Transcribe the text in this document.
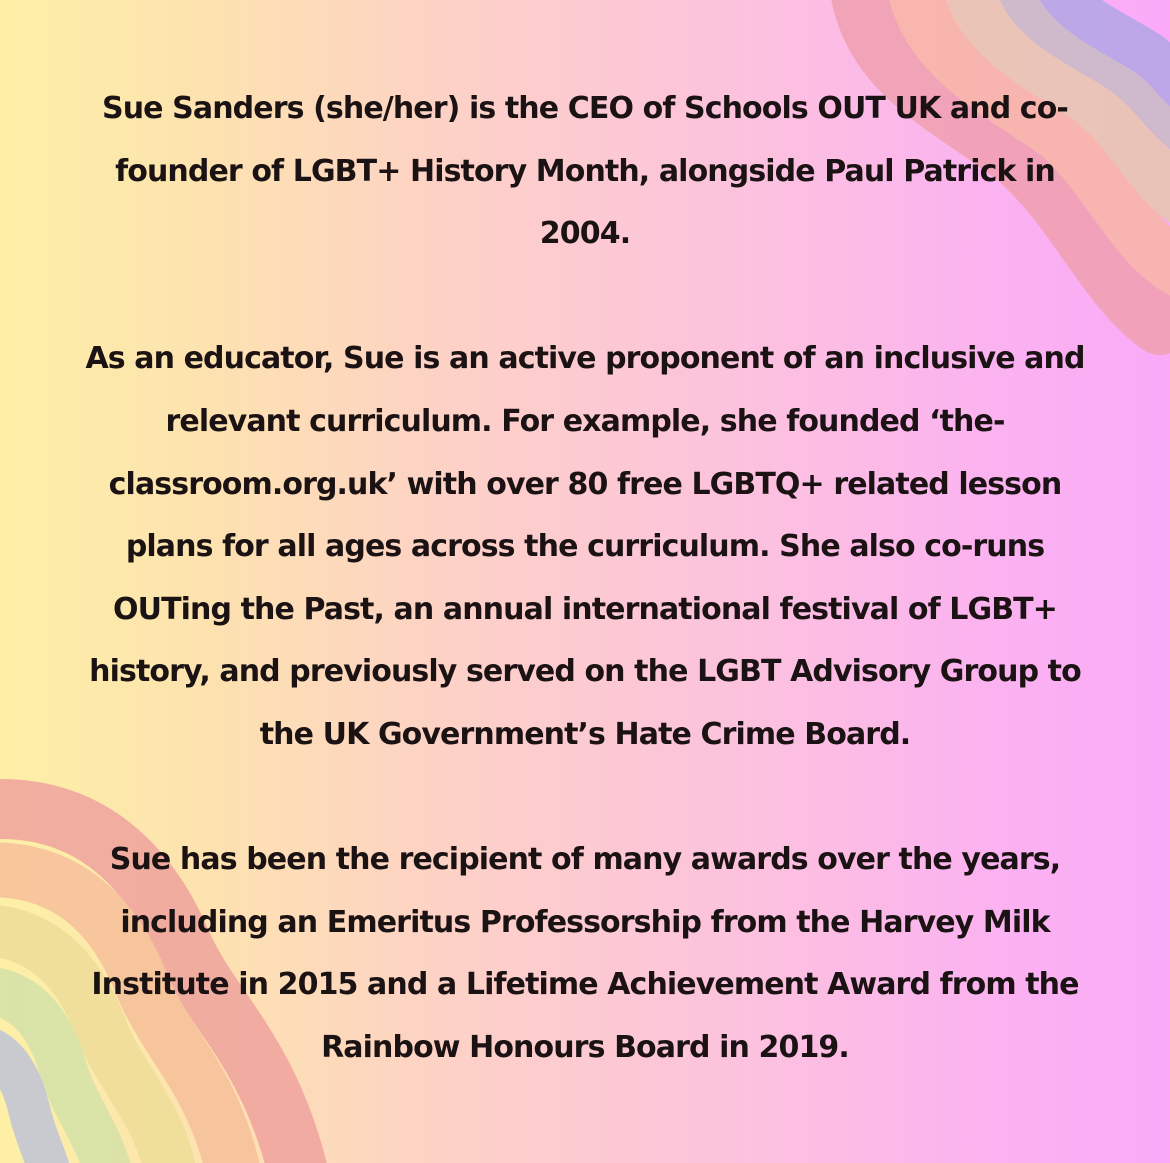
Sue Sanders (she/her) is the CEO of Schools OUT UK and co-founder of LGBT+ History Month, alongside Paul Patrick in 2004.

As an educator, Sue is an active proponent of an inclusive and relevant curriculum. For example, she founded ‘the-classroom.org.uk’ with over 80 free LGBTQ+ related lesson plans for all ages across the curriculum. She also co-runs OUTing the Past, an annual international festival of LGBT+ history, and previously served on the LGBT Advisory Group to the UK Government’s Hate Crime Board.

Sue has been the recipient of many awards over the years, including an Emeritus Professorship from the Harvey Milk Institute in 2015 and a Lifetime Achievement Award from the Rainbow Honours Board in 2019.
